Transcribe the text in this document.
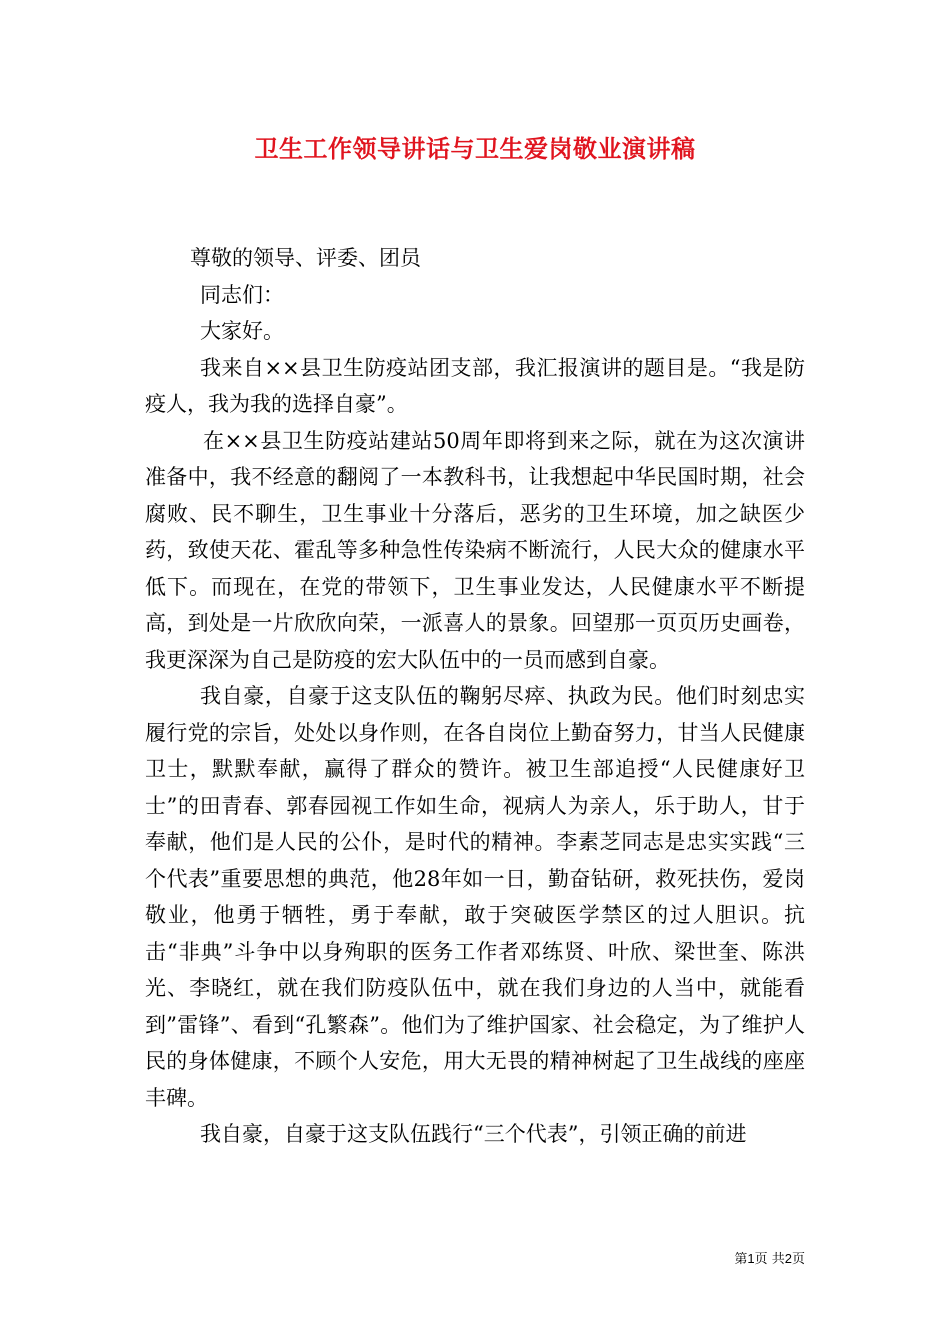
卫生工作领导讲话与卫生爱岗敬业演讲稿

尊敬的领导、评委、团员

同志们：

大家好。

我来自××县卫生防疫站团支部，我汇报演讲的题目是。“我是防疫人，我为我的选择自豪”。

在××县卫生防疫站建站50周年即将到来之际，就在为这次演讲准备中，我不经意的翻阅了一本教科书，让我想起中华民国时期，社会腐败、民不聊生，卫生事业十分落后，恶劣的卫生环境，加之缺医少药，致使天花、霍乱等多种急性传染病不断流行，人民大众的健康水平低下。而现在，在党的带领下，卫生事业发达，人民健康水平不断提高，到处是一片欣欣向荣，一派喜人的景象。回望那一页页历史画卷，我更深深为自己是防疫的宏大队伍中的一员而感到自豪。

我自豪，自豪于这支队伍的鞠躬尽瘁、执政为民。他们时刻忠实履行党的宗旨，处处以身作则，在各自岗位上勤奋努力，甘当人民健康卫士，默默奉献，赢得了群众的赞许。被卫生部追授“人民健康好卫士”的田青春、郭春园视工作如生命，视病人为亲人，乐于助人，甘于奉献，他们是人民的公仆，是时代的精神。李素芝同志是忠实实践“三个代表”重要思想的典范，他28年如一日，勤奋钻研，救死扶伤，爱岗敬业，他勇于牺牲，勇于奉献，敢于突破医学禁区的过人胆识。抗击“非典”斗争中以身殉职的医务工作者邓练贤、叶欣、梁世奎、陈洪光、李晓红，就在我们防疫队伍中，就在我们身边的人当中，就能看到”雷锋”、看到“孔繁森”。他们为了维护国家、社会稳定，为了维护人民的身体健康，不顾个人安危，用大无畏的精神树起了卫生战线的座座丰碑。

我自豪，自豪于这支队伍践行“三个代表”，引领正确的前进

第1页 共2页
